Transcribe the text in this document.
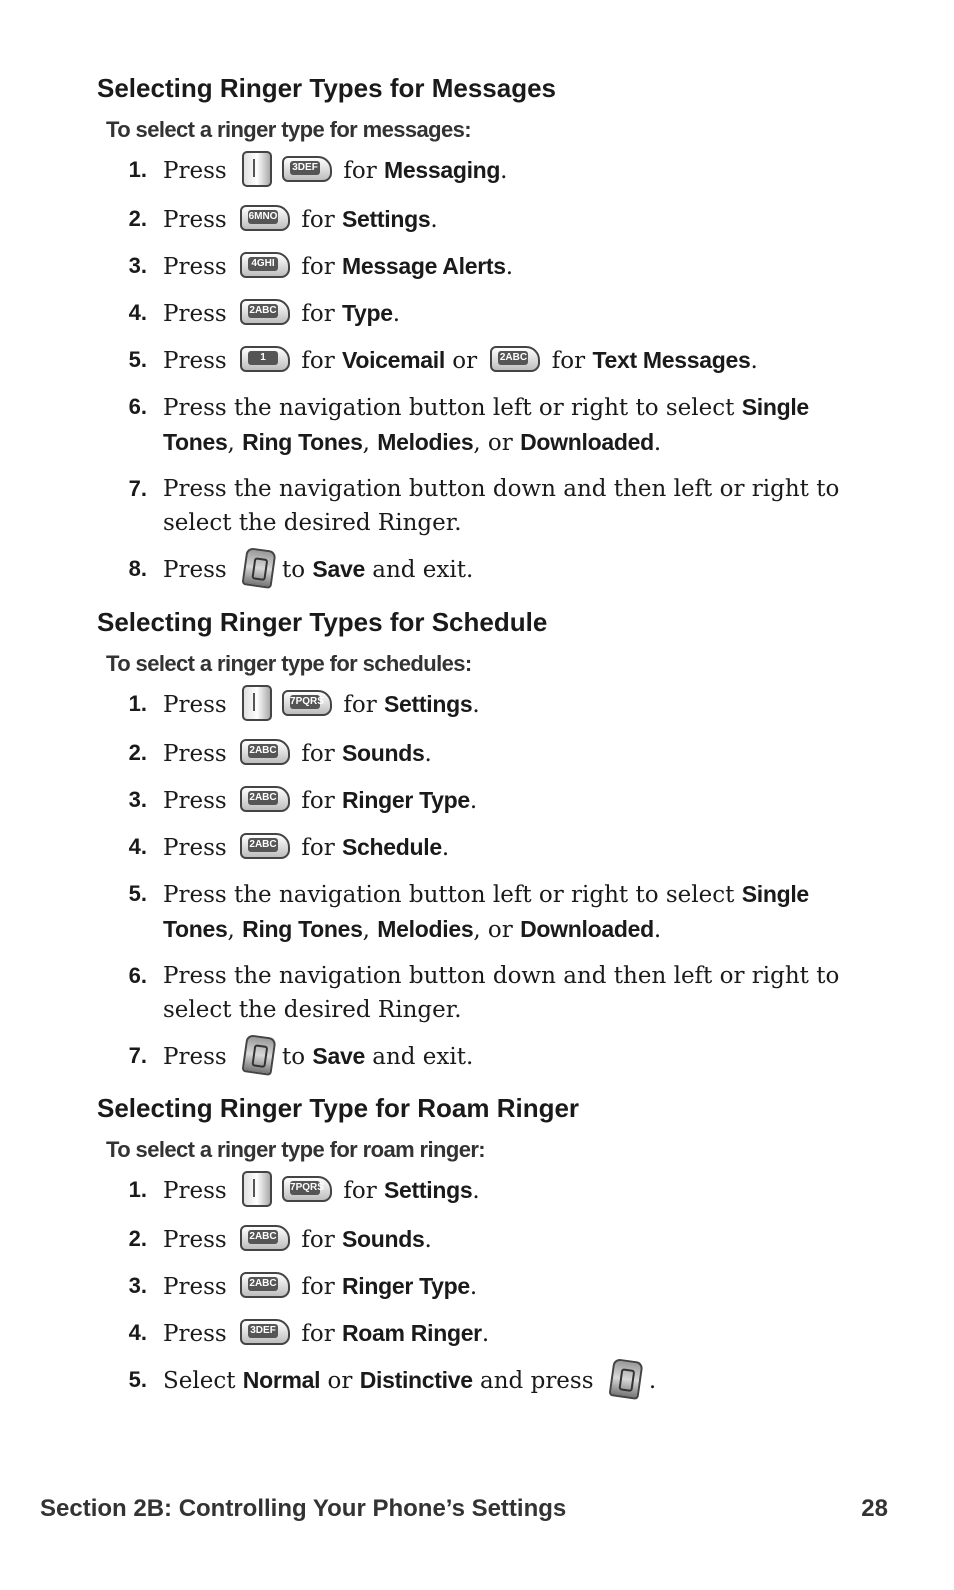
Selecting Ringer Types for Messages
To select a ringer type for messages:
1. Press	3DEF for Messaging.
2. Press 6MNO for Settings.
3. Press	4GHI for Message Alerts.
4. Press 2ABC for Type.
5. Press	1	for Voicemail or 2ABC for Text Messages.
6. Press the navigation button left or right to select Single Tones, Ring Tones, Melodies, or Downloaded.
7. Press the navigation button down and then left or right to select the desired Ringer.
8. Press to Save and exit.
Selecting Ringer Types for Schedule
To select a ringer type for schedules:
1. Press	7PQRS for Settings.
2. Press 2ABC for Sounds.
3. Press 2ABC for Ringer Type.
4. Press 2ABC for Schedule.
5. Press the navigation button left or right to select Single Tones, Ring Tones, Melodies, or Downloaded.
6. Press the navigation button down and then left or right to select the desired Ringer.
7. Press to Save and exit.
Selecting Ringer Type for Roam Ringer
To select a ringer type for roam ringer:
1. Press	7PQRS for Settings.
2. Press 2ABC for Sounds.
3. Press 2ABC for Ringer Type.
4. Press 3DEF for Roam Ringer.
5. Select Normal or Distinctive and press .
Section 2B: Controlling Your Phone’s Settings	28
